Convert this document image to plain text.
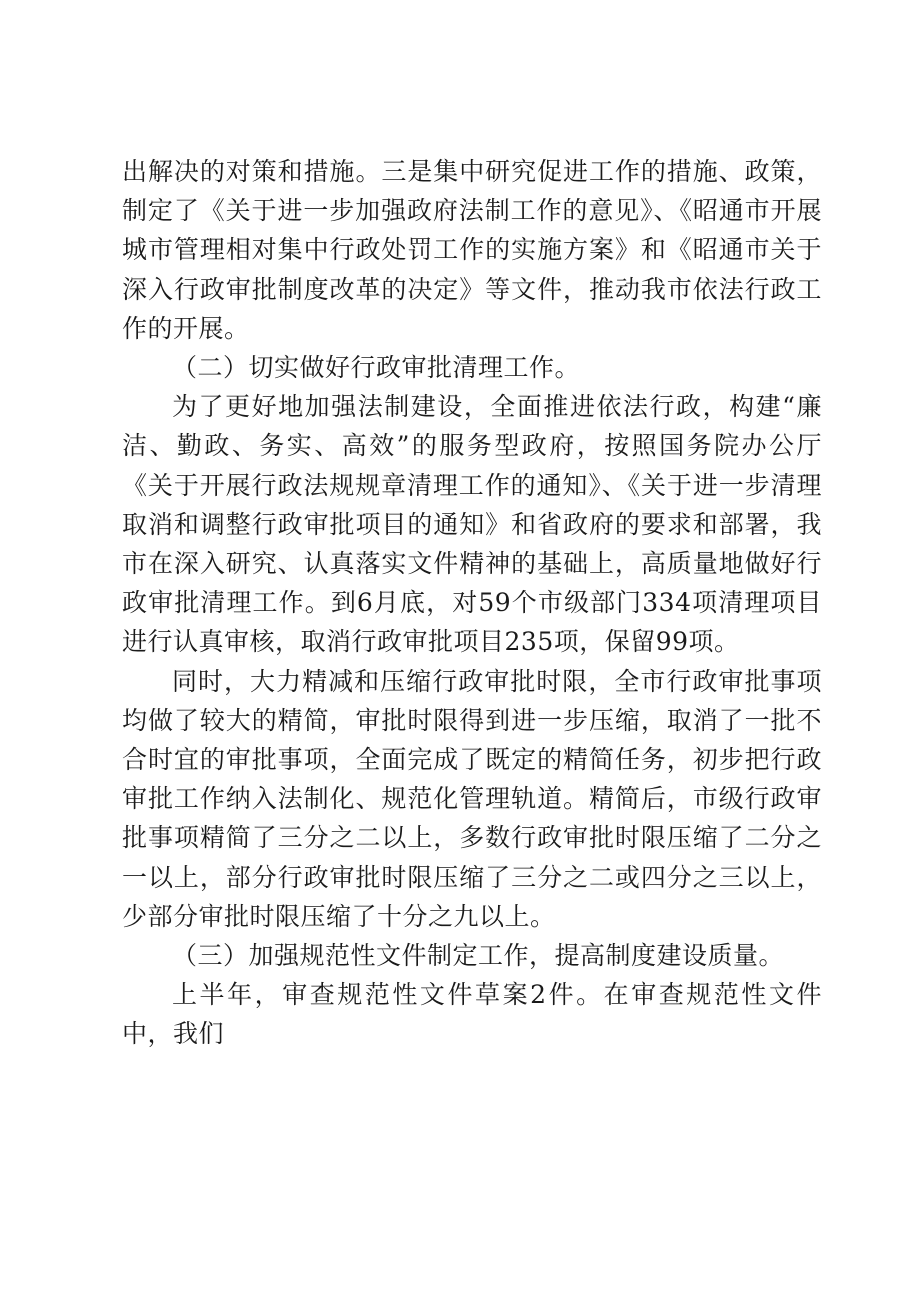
出解决的对策和措施。三是集中研究促进工作的措施、政策，制定了《关于进一步加强政府法制工作的意见》、《昭通市开展城市管理相对集中行政处罚工作的实施方案》和《昭通市关于深入行政审批制度改革的决定》等文件，推动我市依法行政工作的开展。

（二）切实做好行政审批清理工作。

为了更好地加强法制建设，全面推进依法行政，构建“廉洁、勤政、务实、高效”的服务型政府，按照国务院办公厅《关于开展行政法规规章清理工作的通知》、《关于进一步清理取消和调整行政审批项目的通知》和省政府的要求和部署，我市在深入研究、认真落实文件精神的基础上，高质量地做好行政审批清理工作。到6月底，对59个市级部门334项清理项目进行认真审核，取消行政审批项目235项，保留99项。

同时，大力精减和压缩行政审批时限，全市行政审批事项均做了较大的精简，审批时限得到进一步压缩，取消了一批不合时宜的审批事项，全面完成了既定的精简任务，初步把行政审批工作纳入法制化、规范化管理轨道。精简后，市级行政审批事项精简了三分之二以上，多数行政审批时限压缩了二分之一以上，部分行政审批时限压缩了三分之二或四分之三以上，少部分审批时限压缩了十分之九以上。

（三）加强规范性文件制定工作，提高制度建设质量。

上半年，审查规范性文件草案2件。在审查规范性文件中，我们
